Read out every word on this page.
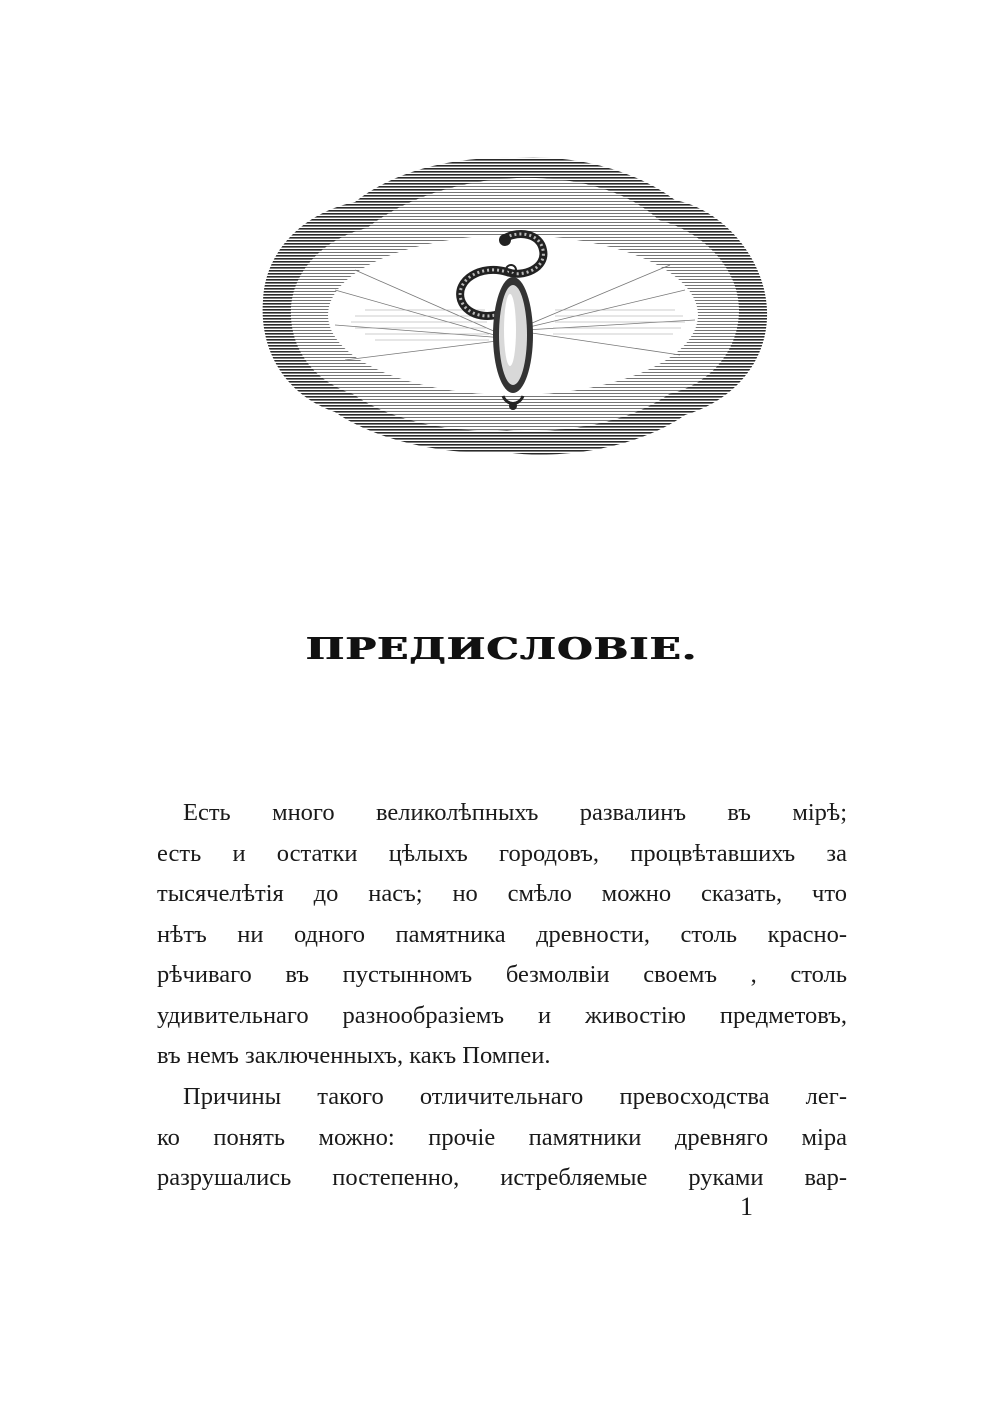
ПРЕДИСЛОВІЕ.
Есть много великолѣпныхъ развалинъ въ мірѣ;
есть и остатки цѣлыхъ городовъ, процвѣтавшихъ за
тысячелѣтія до насъ; но смѣло можно сказать, что
нѣтъ ни одного памятника древности, столь красно-
рѣчиваго въ пустынномъ безмолвіи своемъ , столь
удивительнаго разнообразіемъ и живостію предметовъ,
въ немъ заключенныхъ, какъ Помпеи.
Причины такого отличительнаго превосходства лег-
ко понять можно: прочіе памятники древняго міра
разрушались постепенно, истребляемые руками вар-
1
